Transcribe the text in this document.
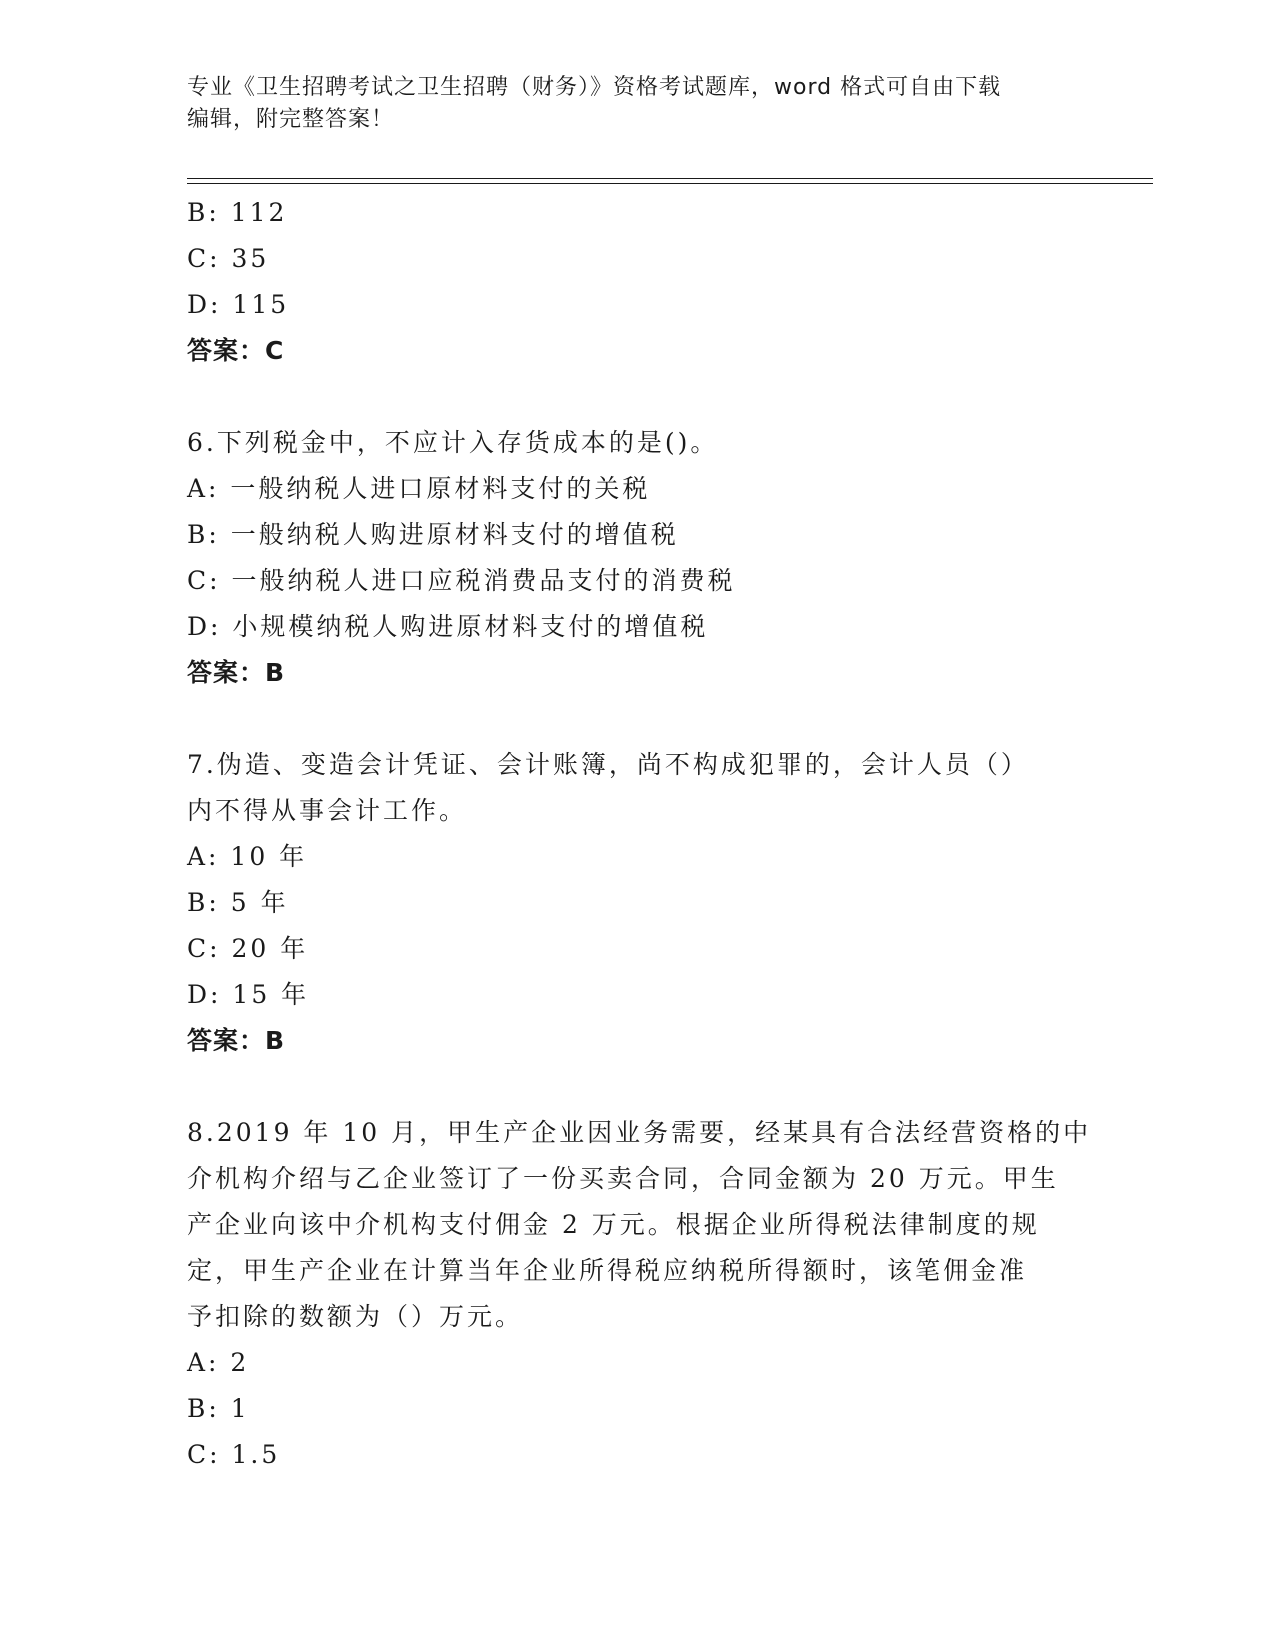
专业《卫生招聘考试之卫生招聘（财务）》资格考试题库，word 格式可自由下载
编辑，附完整答案！
B: 112
C: 35
D: 115
答案：C
6.下列税金中，不应计入存货成本的是()。
A: 一般纳税人进口原材料支付的关税
B: 一般纳税人购进原材料支付的增值税
C: 一般纳税人进口应税消费品支付的消费税
D: 小规模纳税人购进原材料支付的增值税
答案：B
7.伪造、变造会计凭证、会计账簿，尚不构成犯罪的，会计人员（）
内不得从事会计工作。
A: 10 年
B: 5 年
C: 20 年
D: 15 年
答案：B
8.2019 年 10 月，甲生产企业因业务需要，经某具有合法经营资格的中
介机构介绍与乙企业签订了一份买卖合同，合同金额为 20 万元。甲生
产企业向该中介机构支付佣金 2 万元。根据企业所得税法律制度的规
定，甲生产企业在计算当年企业所得税应纳税所得额时，该笔佣金准
予扣除的数额为（）万元。
A: 2
B: 1
C: 1.5
